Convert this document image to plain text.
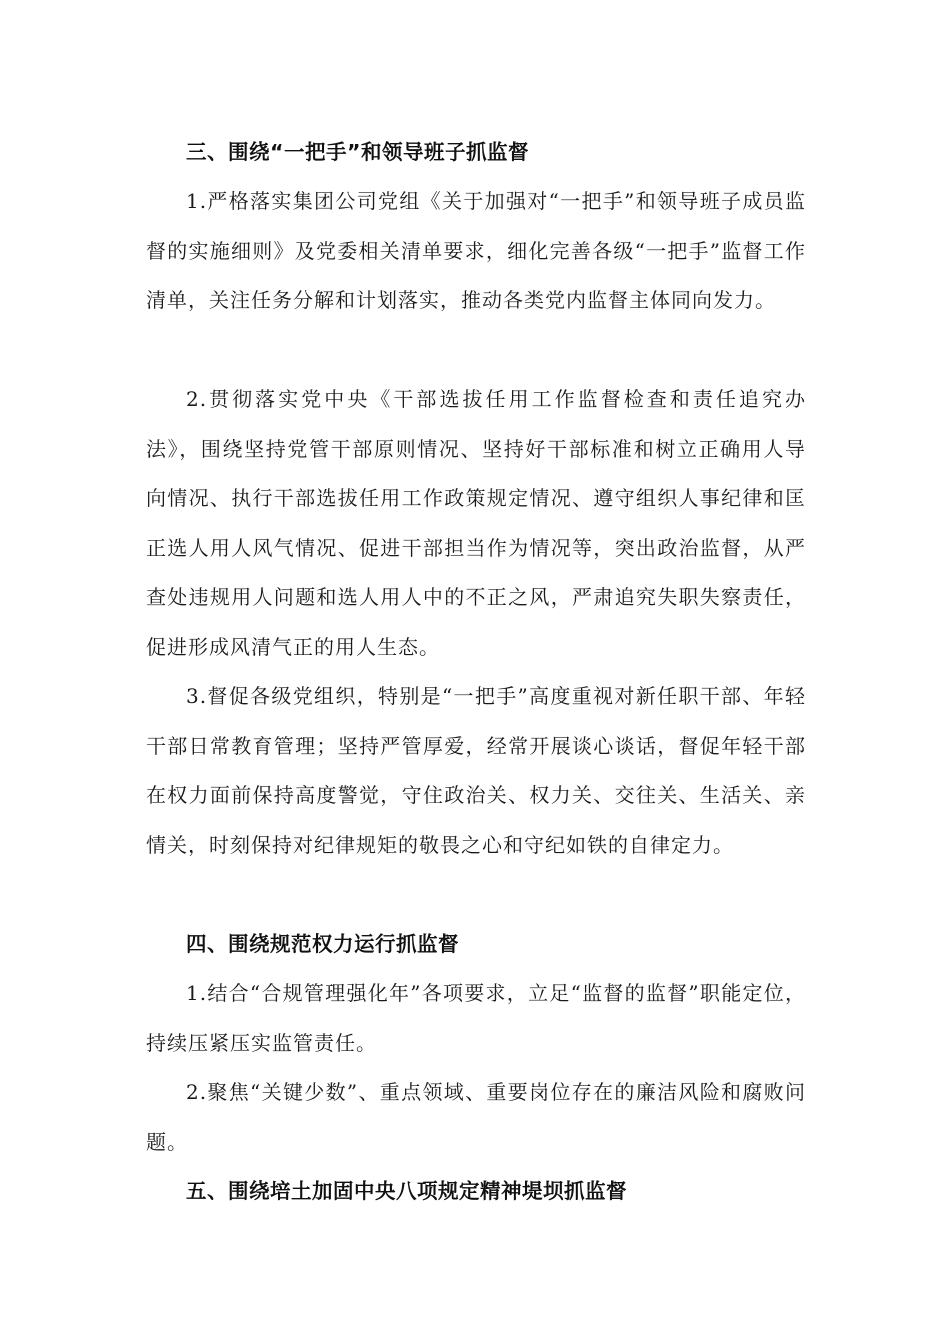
三、围绕“一把手”和领导班子抓监督

1.严格落实集团公司党组《关于加强对“一把手”和领导班子成员监督的实施细则》及党委相关清单要求，细化完善各级“一把手”监督工作清单，关注任务分解和计划落实，推动各类党内监督主体同向发力。

2.贯彻落实党中央《干部选拔任用工作监督检查和责任追究办法》，围绕坚持党管干部原则情况、坚持好干部标准和树立正确用人导向情况、执行干部选拔任用工作政策规定情况、遵守组织人事纪律和匡正选人用人风气情况、促进干部担当作为情况等，突出政治监督，从严查处违规用人问题和选人用人中的不正之风，严肃追究失职失察责任，促进形成风清气正的用人生态。

3.督促各级党组织，特别是“一把手”高度重视对新任职干部、年轻干部日常教育管理；坚持严管厚爱，经常开展谈心谈话，督促年轻干部在权力面前保持高度警觉，守住政治关、权力关、交往关、生活关、亲情关，时刻保持对纪律规矩的敬畏之心和守纪如铁的自律定力。

四、围绕规范权力运行抓监督

1.结合“合规管理强化年”各项要求，立足“监督的监督”职能定位，持续压紧压实监管责任。

2.聚焦“关键少数”、重点领域、重要岗位存在的廉洁风险和腐败问题。

五、围绕培土加固中央八项规定精神堤坝抓监督
